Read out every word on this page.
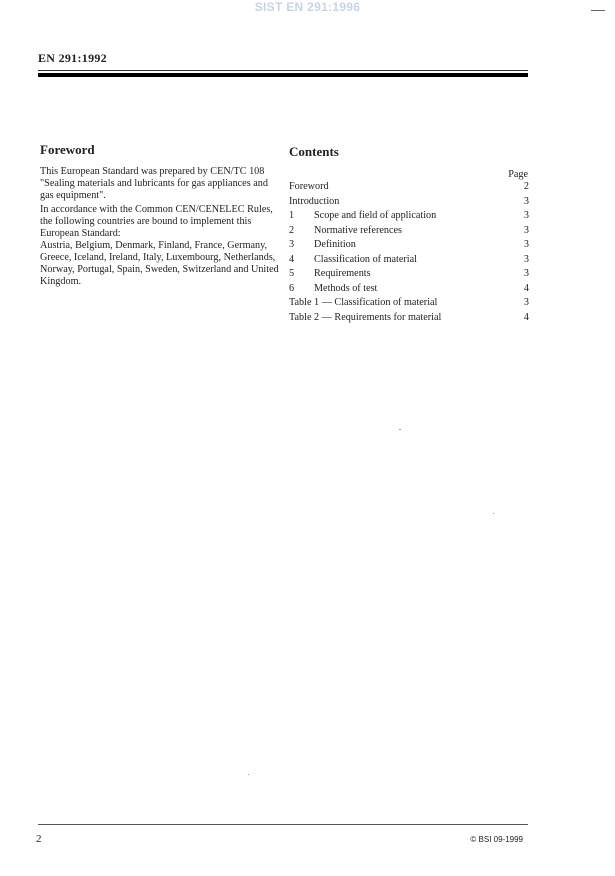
SIST EN 291:1996
EN 291:1992
Foreword

This European Standard was prepared by CEN/TC 108 "Sealing materials and lubricants for gas appliances and gas equipment".

In accordance with the Common CEN/CENELEC Rules, the following countries are bound to implement this European Standard:

Austria, Belgium, Denmark, Finland, France, Germany, Greece, Iceland, Ireland, Italy, Luxembourg, Netherlands, Norway, Portugal, Spain, Sweden, Switzerland and United Kingdom.

Contents
Page
Foreword	2
Introduction	3
1 Scope and field of application	3
2 Normative references	3
3 Definition	3
4 Classification of material	3
5 Requirements	3
6 Methods of test	4
Table 1 — Classification of material	3
Table 2 — Requirements for material	4
2	© BSI 09-1999
